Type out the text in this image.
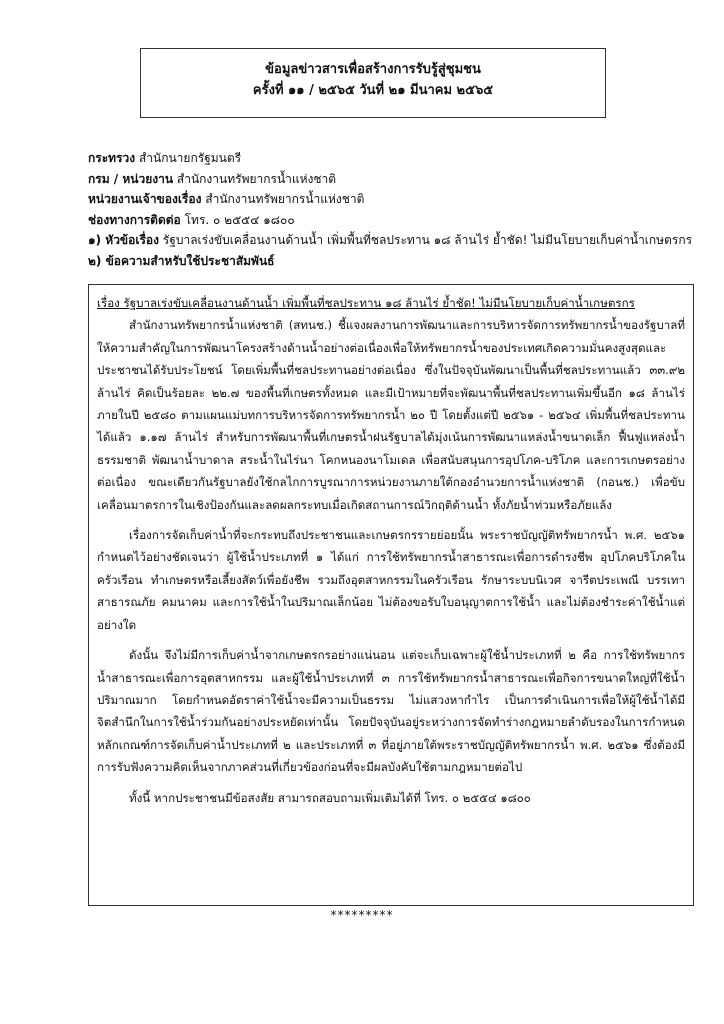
ข้อมูลข่าวสารเพื่อสร้างการรับรู้สู่ชุมชน
ครั้งที่ ๑๑ / ๒๕๖๕ วันที่ ๒๑ มีนาคม ๒๕๖๕
กระทรวง สำนักนายกรัฐมนตรี
กรม / หน่วยงาน สำนักงานทรัพยากรน้ำแห่งชาติ
หน่วยงานเจ้าของเรื่อง สำนักงานทรัพยากรน้ำแห่งชาติ
ช่องทางการติดต่อ โทร. ๐ ๒๕๕๔ ๑๘๐๐
๑) หัวข้อเรื่อง รัฐบาลเร่งขับเคลื่อนงานด้านน้ำ เพิ่มพื้นที่ชลประทาน ๑๘ ล้านไร่ ย้ำชัด! ไม่มีนโยบายเก็บค่าน้ำเกษตรกร
๒) ข้อความสำหรับใช้ประชาสัมพันธ์
เรื่อง รัฐบาลเร่งขับเคลื่อนงานด้านน้ำ เพิ่มพื้นที่ชลประทาน ๑๘ ล้านไร่ ย้ำชัด! ไม่มีนโยบายเก็บค่าน้ำเกษตรกร

สำนักงานทรัพยากรน้ำแห่งชาติ (สทนช.) ชี้แจงผลงานการพัฒนาและการบริหารจัดการทรัพยากรน้ำของรัฐบาลที่ให้ความสำคัญในการพัฒนาโครงสร้างด้านน้ำอย่างต่อเนื่องเพื่อให้ทรัพยากรน้ำของประเทศเกิดความมั่นคงสูงสุดและประชาชนได้รับประโยชน์ โดยเพิ่มพื้นที่ชลประทานอย่างต่อเนื่อง ซึ่งในปัจจุบันพัฒนาเป็นพื้นที่ชลประทานแล้ว ๓๓.๙๒ ล้านไร่ คิดเป็นร้อยละ ๒๒.๗ ของพื้นที่เกษตรทั้งหมด และมีเป้าหมายที่จะพัฒนาพื้นที่ชลประทานเพิ่มขึ้นอีก ๑๘ ล้านไร่ ภายในปี ๒๕๘๐ ตามแผนแม่บทการบริหารจัดการทรัพยากรน้ำ ๒๐ ปี โดยตั้งแต่ปี ๒๕๖๑ - ๒๕๖๔ เพิ่มพื้นที่ชลประทานได้แล้ว ๑.๑๗ ล้านไร่ สำหรับการพัฒนาพื้นที่เกษตรน้ำฝนรัฐบาลได้มุ่งเน้นการพัฒนาแหล่งน้ำขนาดเล็ก ฟื้นฟูแหล่งน้ำธรรมชาติ พัฒนาน้ำบาดาล สระน้ำในไร่นา โคกหนองนาโมเดล เพื่อสนับสนุนการอุปโภค-บริโภค และการเกษตรอย่างต่อเนื่อง ขณะเดียวกันรัฐบาลยังใช้กลไกการบูรณาการหน่วยงานภายใต้กองอำนวยการน้ำแห่งชาติ (กอนช.) เพื่อขับเคลื่อนมาตรการในเชิงป้องกันและลดผลกระทบเมื่อเกิดสถานการณ์วิกฤติด้านน้ำ ทั้งภัยน้ำท่วมหรือภัยแล้ง

เรื่องการจัดเก็บค่าน้ำที่จะกระทบถึงประชาชนและเกษตรกรรายย่อยนั้น พระราชบัญญัติทรัพยากรน้ำ พ.ศ. ๒๕๖๑ กำหนดไว้อย่างชัดเจนว่า ผู้ใช้น้ำประเภทที่ ๑ ได้แก่ การใช้ทรัพยากรน้ำสาธารณะเพื่อการดำรงชีพ อุปโภคบริโภคในครัวเรือน ทำเกษตรหรือเลี้ยงสัตว์เพื่อยังชีพ รวมถึงอุตสาหกรรมในครัวเรือน รักษาระบบนิเวศ จารีตประเพณี บรรเทาสาธารณภัย คมนาคม และการใช้น้ำในปริมาณเล็กน้อย ไม่ต้องขอรับใบอนุญาตการใช้น้ำ และไม่ต้องชำระค่าใช้น้ำแต่อย่างใด

ดังนั้น จึงไม่มีการเก็บค่าน้ำจากเกษตรกรอย่างแน่นอน แต่จะเก็บเฉพาะผู้ใช้น้ำประเภทที่ ๒ คือ การใช้ทรัพยากรน้ำสาธารณะเพื่อการอุตสาหกรรม และผู้ใช้น้ำประเภทที่ ๓ การใช้ทรัพยากรน้ำสาธารณะเพื่อกิจการขนาดใหญ่ที่ใช้น้ำปริมาณมาก โดยกำหนดอัตราค่าใช้น้ำจะมีความเป็นธรรม ไม่แสวงหากำไร เป็นการดำเนินการเพื่อให้ผู้ใช้น้ำได้มีจิตสำนึกในการใช้น้ำร่วมกันอย่างประหยัดเท่านั้น โดยปัจจุบันอยู่ระหว่างการจัดทำร่างกฎหมายลำดับรองในการกำหนดหลักเกณฑ์การจัดเก็บค่าน้ำประเภทที่ ๒ และประเภทที่ ๓ ที่อยู่ภายใต้พระราชบัญญัติทรัพยากรน้ำ พ.ศ. ๒๕๖๑ ซึ่งต้องมีการรับฟังความคิดเห็นจากภาคส่วนที่เกี่ยวข้องก่อนที่จะมีผลบังคับใช้ตามกฎหมายต่อไป

ทั้งนี้ หากประชาชนมีข้อสงสัย สามารถสอบถามเพิ่มเติมได้ที่ โทร. ๐ ๒๕๕๔ ๑๘๐๐

*********
